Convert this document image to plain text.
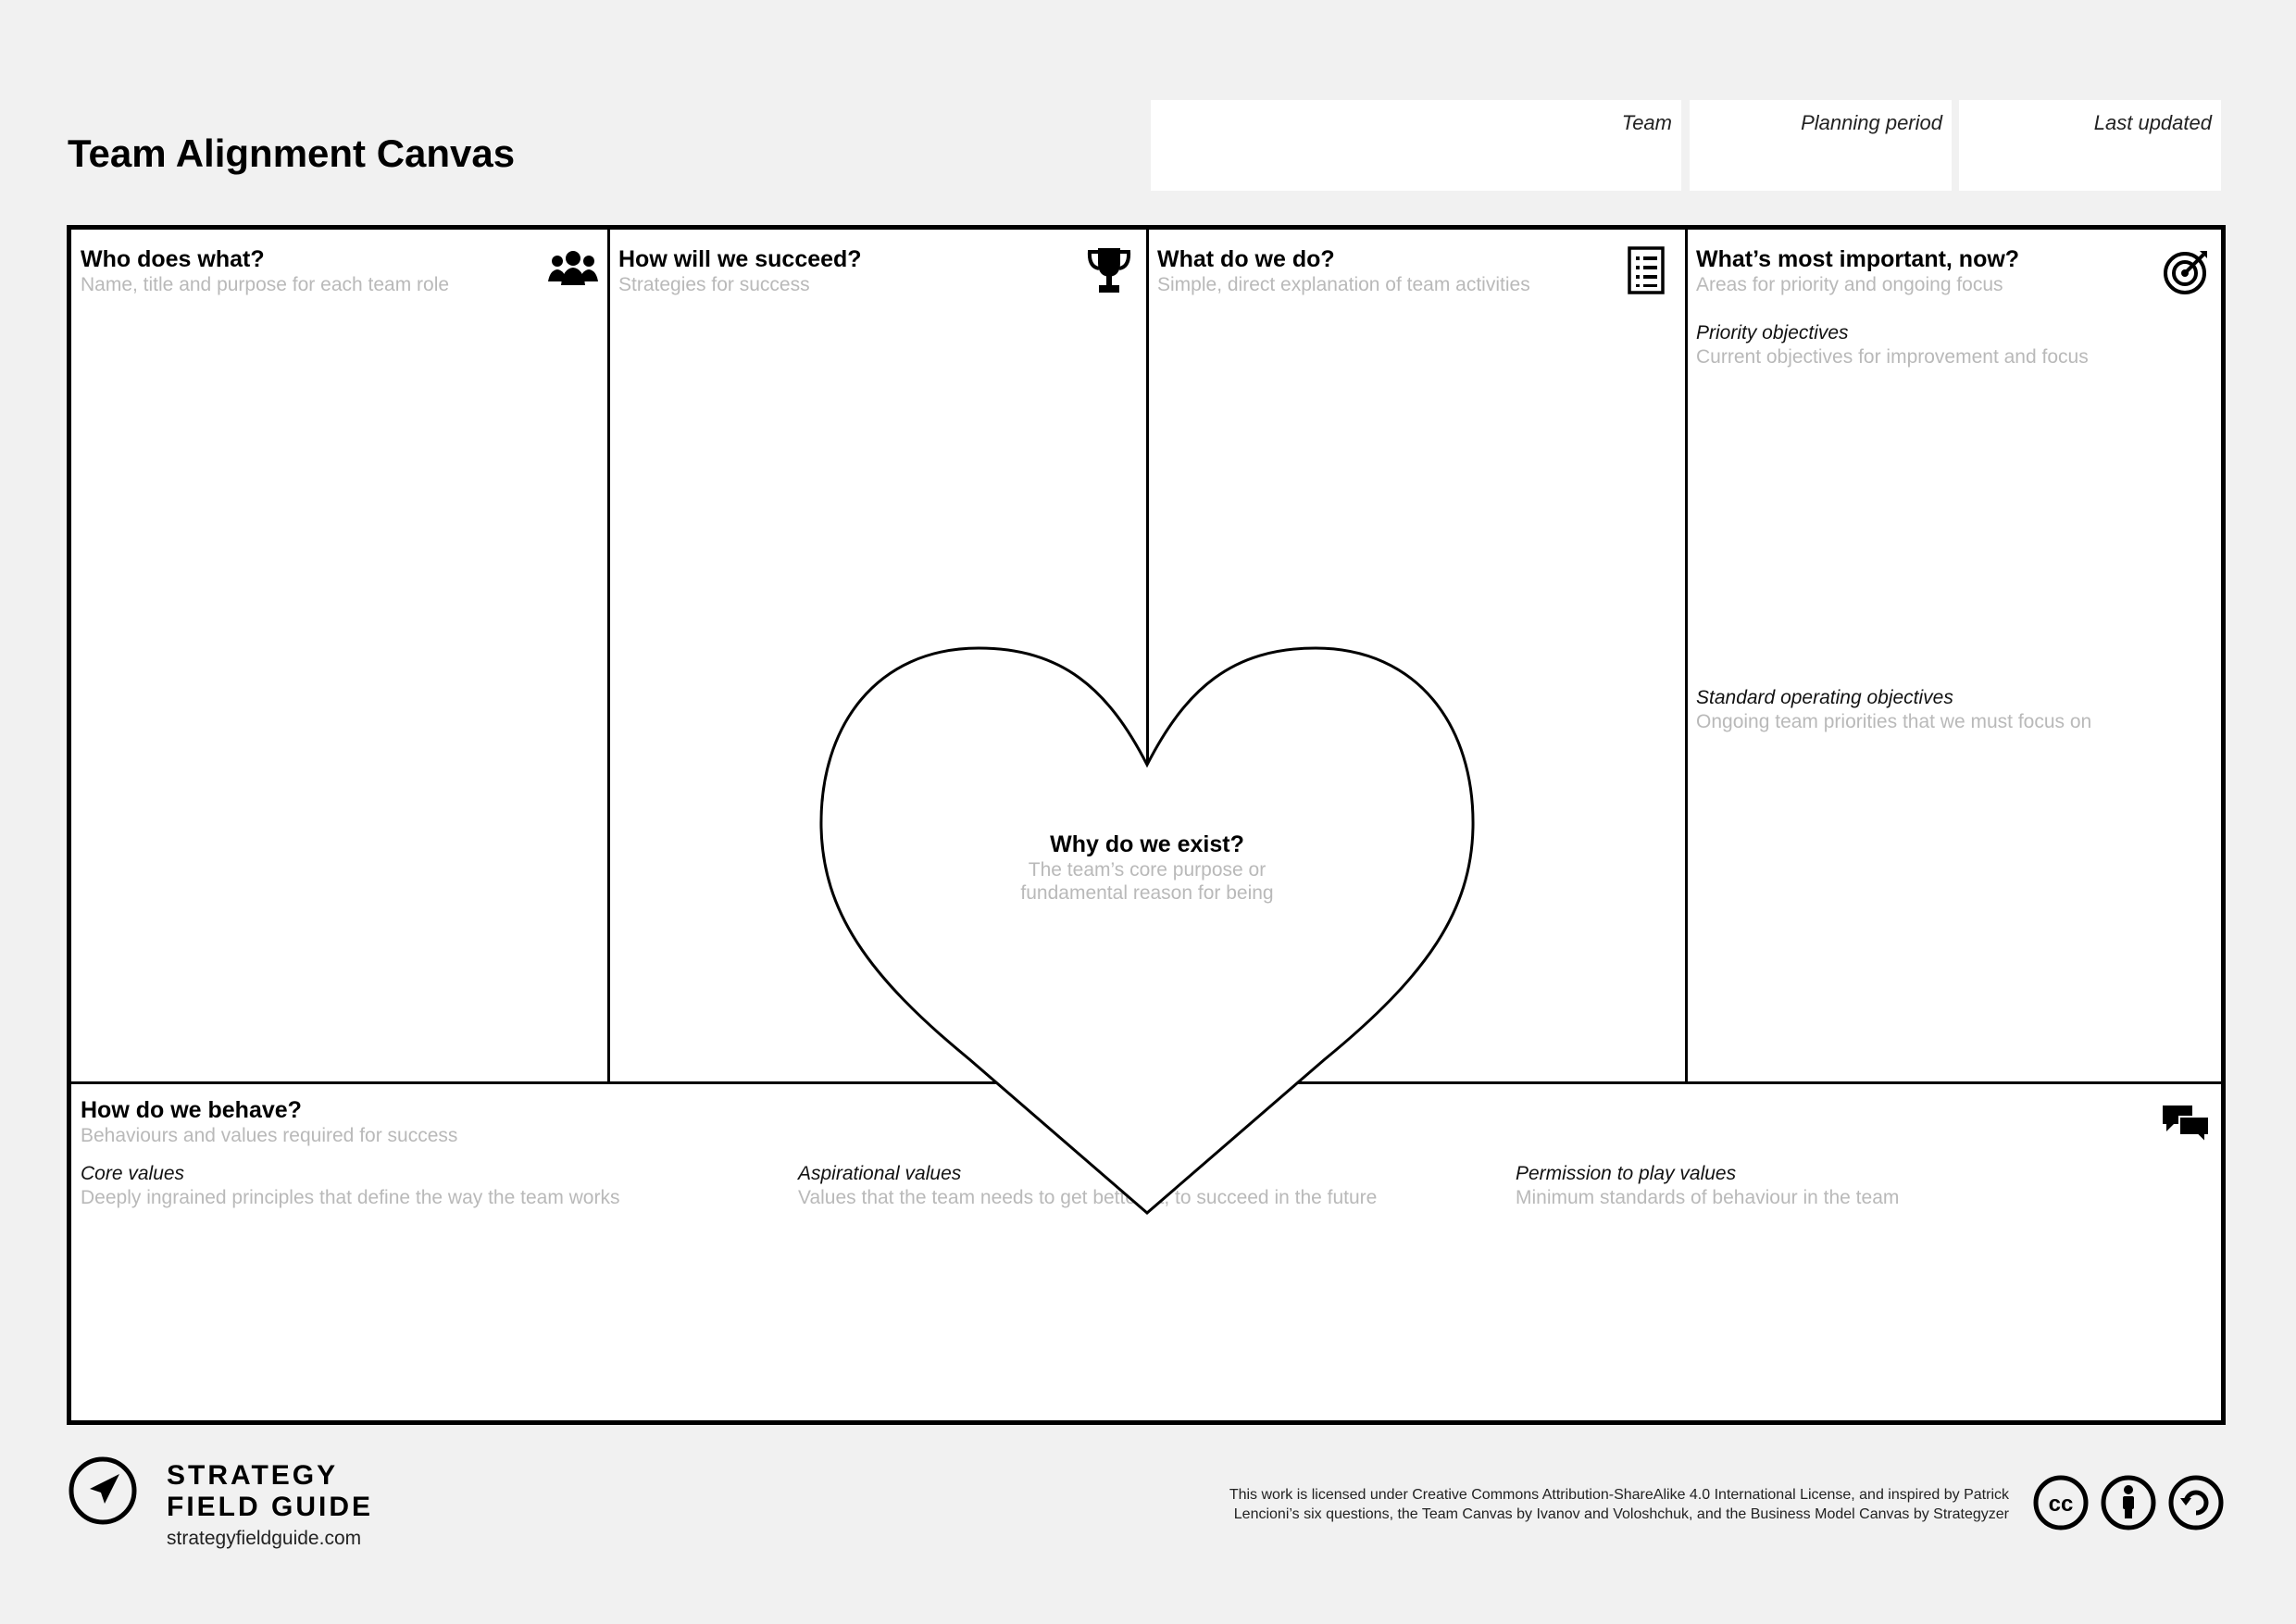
Team Alignment Canvas
Team	Planning period	Last updated
Who does what?
Name, title and purpose for each team role
How will we succeed?
Strategies for success
What do we do?
Simple, direct explanation of team activities
What’s most important, now?
Areas for priority and ongoing focus
Priority objectives
Current objectives for improvement and focus
Standard operating objectives
Ongoing team priorities that we must focus on
How do we behave?
Behaviours and values required for success
Core values
Deeply ingrained principles that define the way the team works
Aspirational values
Values that the team needs to get better at, to succeed in the future
Permission to play values
Minimum standards of behaviour in the team
Why do we exist?
The team’s core purpose or
fundamental reason for being
STRATEGY
FIELD GUIDE
strategyfieldguide.com
This work is licensed under Creative Commons Attribution-ShareAlike 4.0 International License, and inspired by Patrick
Lencioni’s six questions, the Team Canvas by Ivanov and Voloshchuk, and the Business Model Canvas by Strategyzer cc
